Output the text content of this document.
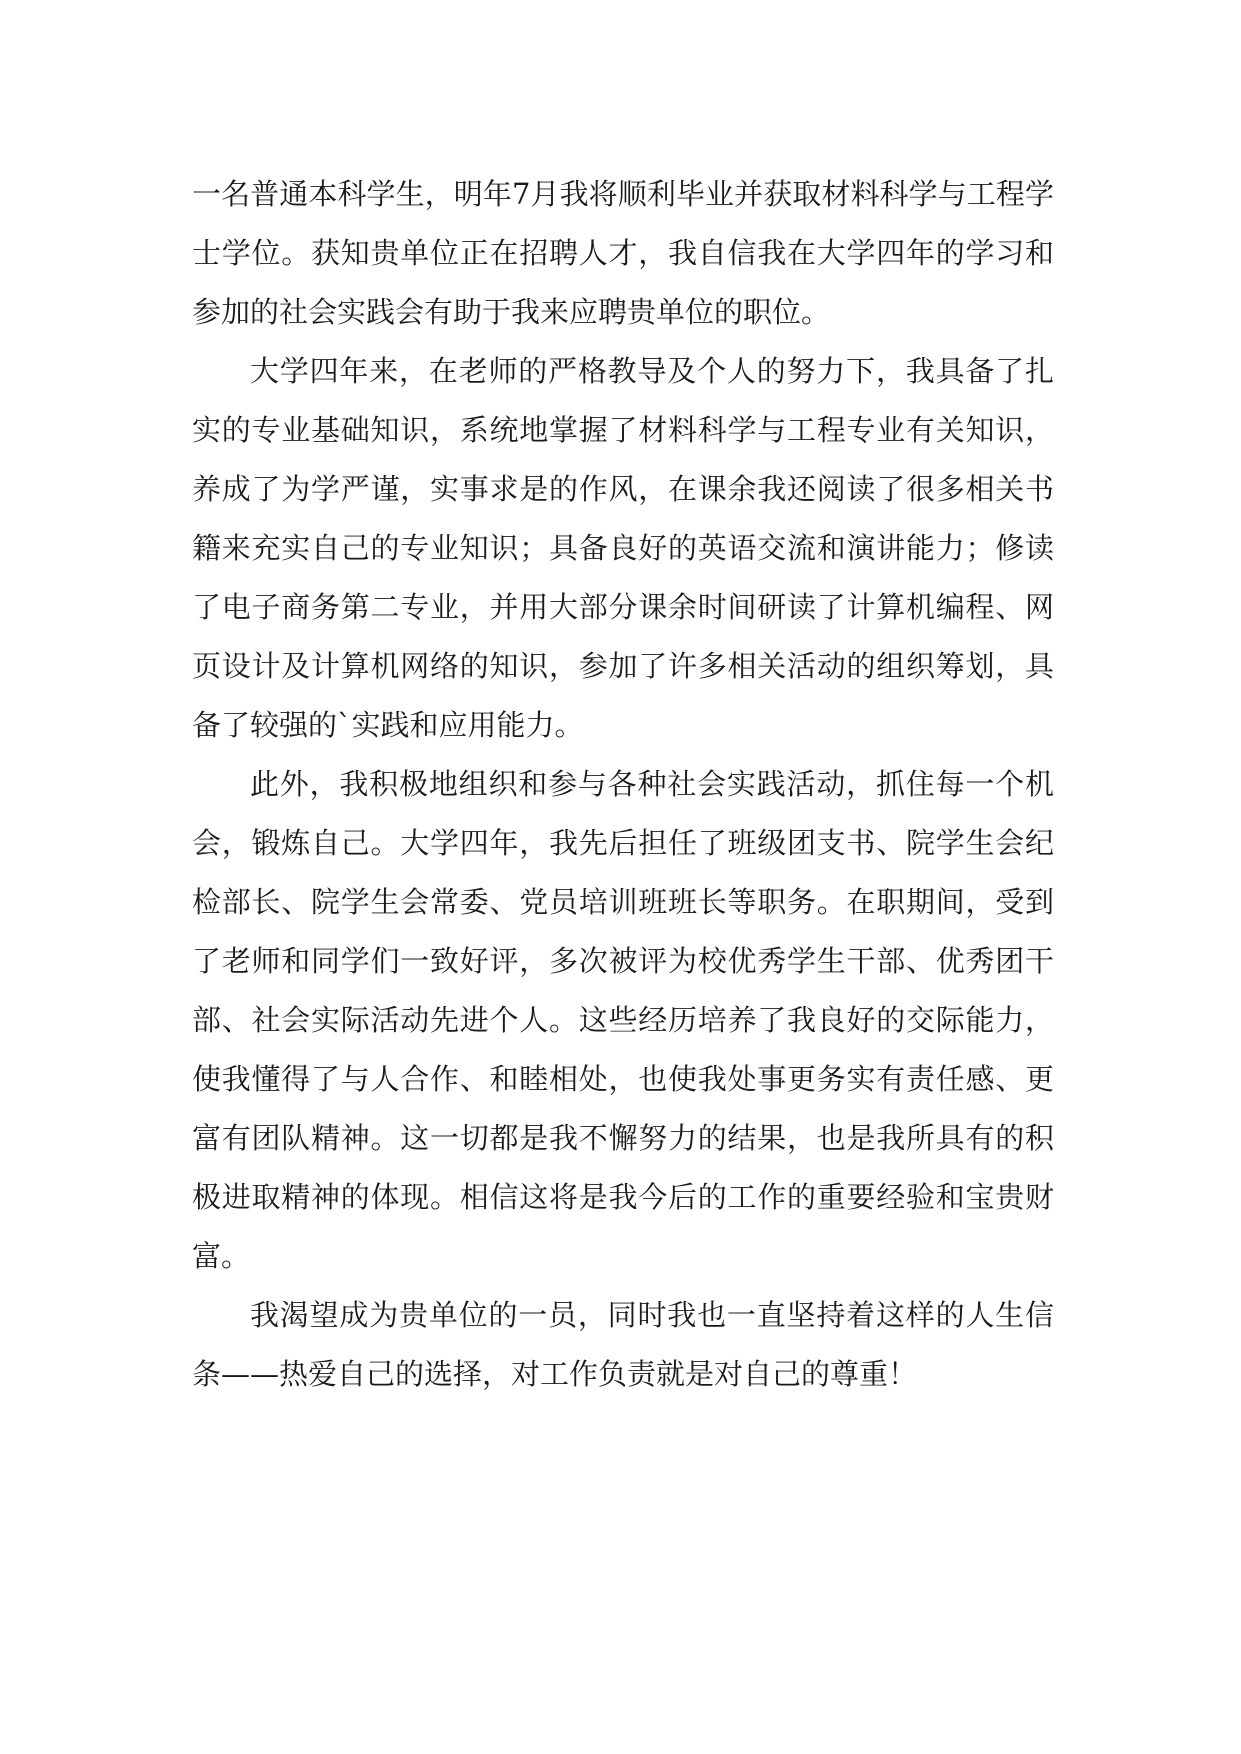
一名普通本科学生，明年7月我将顺利毕业并获取材料科学与工程学士学位。获知贵单位正在招聘人才，我自信我在大学四年的学习和参加的社会实践会有助于我来应聘贵单位的职位。

大学四年来，在老师的严格教导及个人的努力下，我具备了扎实的专业基础知识，系统地掌握了材料科学与工程专业有关知识，养成了为学严谨，实事求是的作风，在课余我还阅读了很多相关书籍来充实自己的专业知识；具备良好的英语交流和演讲能力；修读了电子商务第二专业，并用大部分课余时间研读了计算机编程、网页设计及计算机网络的知识，参加了许多相关活动的组织筹划，具备了较强的`实践和应用能力。

此外，我积极地组织和参与各种社会实践活动，抓住每一个机会，锻炼自己。大学四年，我先后担任了班级团支书、院学生会纪检部长、院学生会常委、党员培训班班长等职务。在职期间，受到了老师和同学们一致好评，多次被评为校优秀学生干部、优秀团干部、社会实际活动先进个人。这些经历培养了我良好的交际能力，使我懂得了与人合作、和睦相处，也使我处事更务实有责任感、更富有团队精神。这一切都是我不懈努力的结果，也是我所具有的积极进取精神的体现。相信这将是我今后的工作的重要经验和宝贵财富。

我渴望成为贵单位的一员，同时我也一直坚持着这样的人生信条——热爱自己的选择，对工作负责就是对自己的尊重！
